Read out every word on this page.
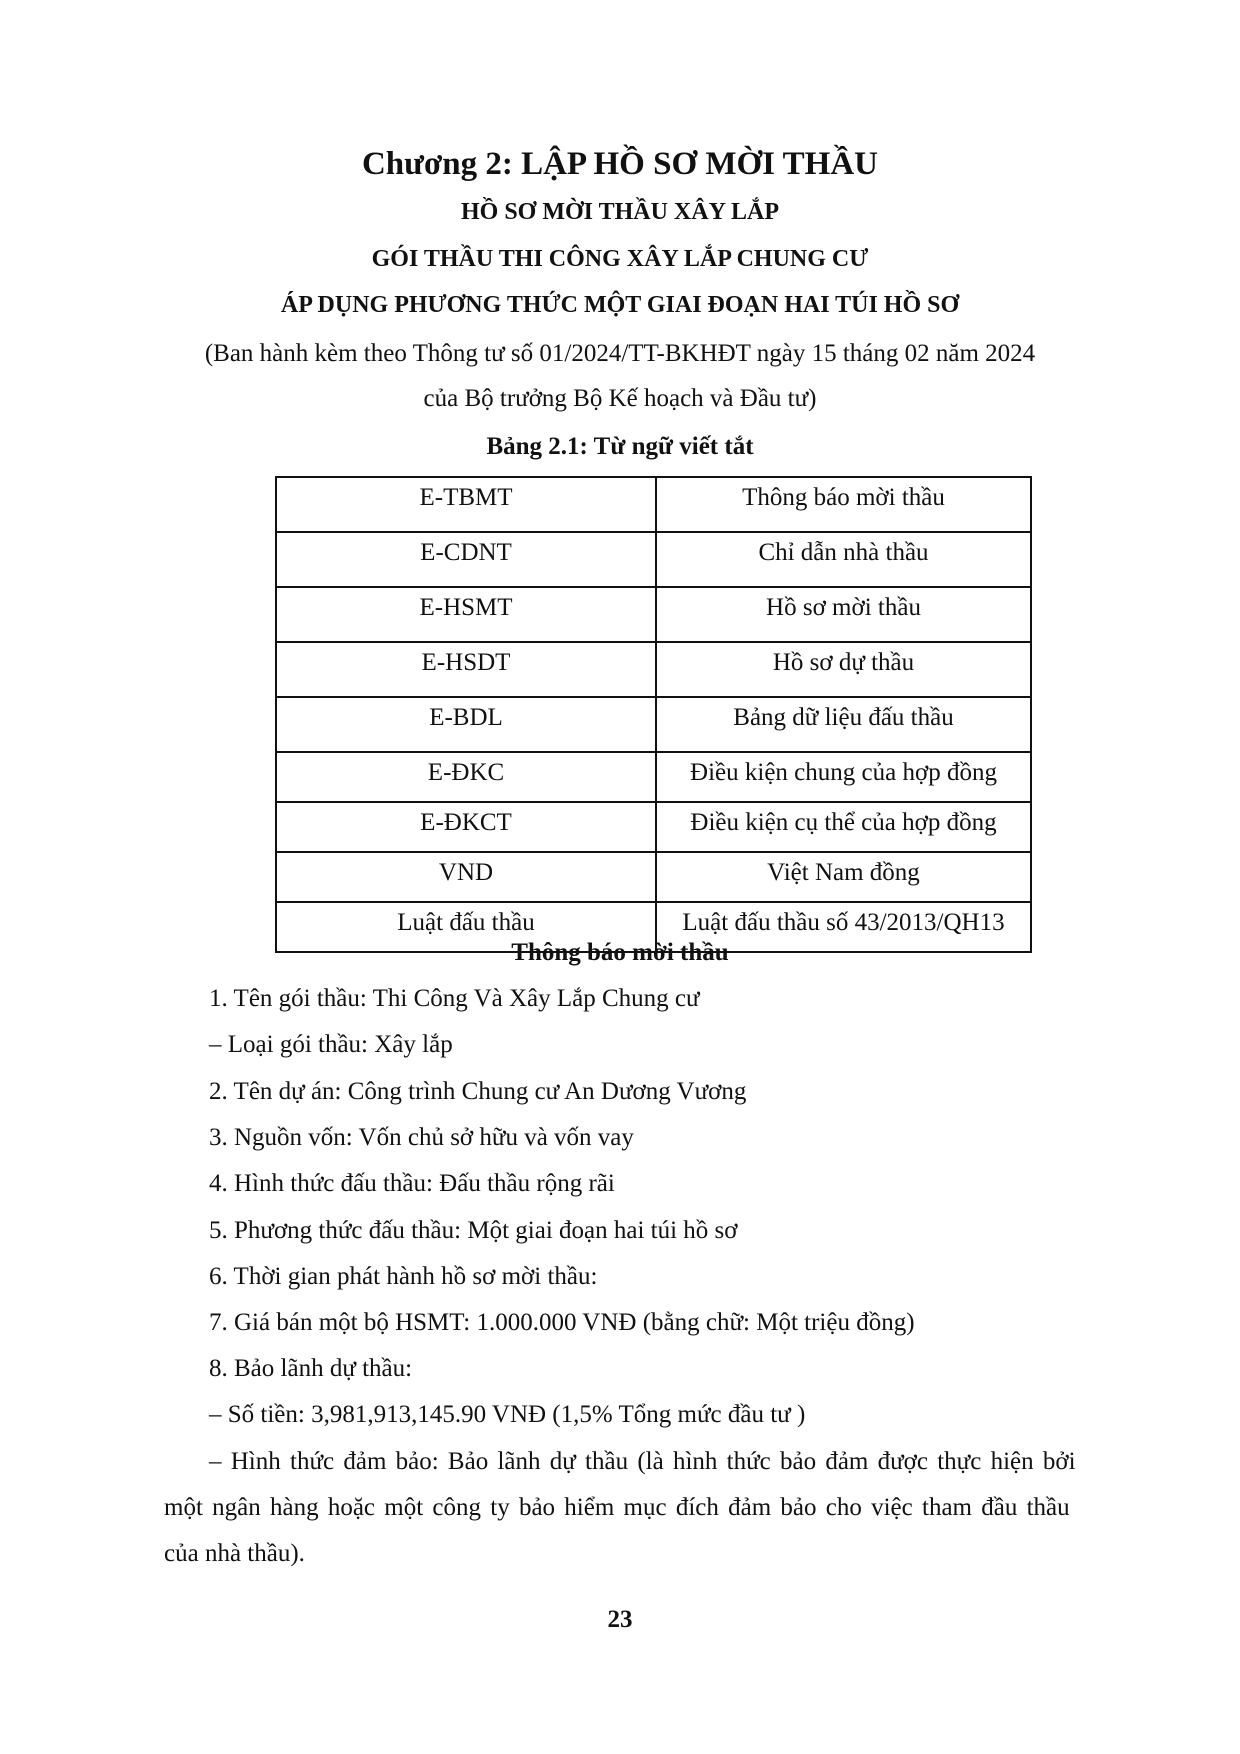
Chương 2: LẬP HỒ SƠ MỜI THẦU
HỒ SƠ MỜI THẦU XÂY LẮP
GÓI THẦU THI CÔNG XÂY LẮP CHUNG CƯ
ÁP DỤNG PHƯƠNG THỨC MỘT GIAI ĐOẠN HAI TÚI HỒ SƠ
(Ban hành kèm theo Thông tư số 01/2024/TT-BKHĐT ngày 15 tháng 02 năm 2024
của Bộ trưởng Bộ Kế hoạch và Đầu tư)
Bảng 2.1: Từ ngữ viết tắt
E-TBMT	Thông báo mời thầu
E-CDNT	Chỉ dẫn nhà thầu
E-HSMT	Hồ sơ mời thầu
E-HSDT	Hồ sơ dự thầu
E-BDL	Bảng dữ liệu đấu thầu
E-ĐKC	Điều kiện chung của hợp đồng
E-ĐKCT	Điều kiện cụ thể của hợp đồng
VND	Việt Nam đồng
Luật đấu thầu	Luật đấu thầu số 43/2013/QH13
Thông báo mời thầu
1. Tên gói thầu: Thi Công Và Xây Lắp Chung cư
– Loại gói thầu: Xây lắp
2. Tên dự án: Công trình Chung cư An Dương Vương
3. Nguồn vốn: Vốn chủ sở hữu và vốn vay
4. Hình thức đấu thầu: Đấu thầu rộng rãi
5. Phương thức đấu thầu: Một giai đoạn hai túi hồ sơ
6. Thời gian phát hành hồ sơ mời thầu:
7. Giá bán một bộ HSMT: 1.000.000 VNĐ (bằng chữ: Một triệu đồng)
8. Bảo lãnh dự thầu:
– Số tiền: 3,981,913,145.90 VNĐ (1,5% Tổng mức đầu tư )
– Hình thức đảm bảo: Bảo lãnh dự thầu (là hình thức bảo đảm được thực hiện bởi
một ngân hàng hoặc một công ty bảo hiểm mục đích đảm bảo cho việc tham đầu thầu
của nhà thầu).
23
